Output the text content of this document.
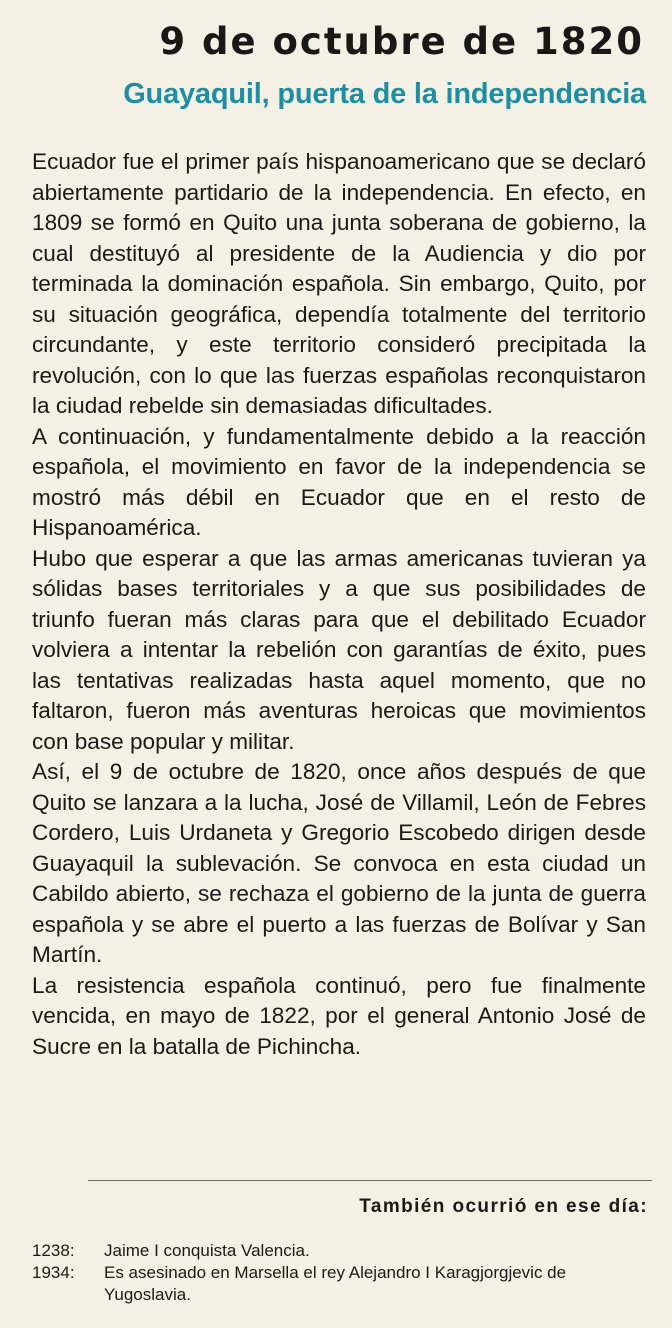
9 de octubre de 1820
Guayaquil, puerta de la independencia

Ecuador fue el primer país hispanoamericano que se declaró abiertamente partidario de la independencia. En efecto, en 1809 se formó en Quito una junta soberana de gobierno, la cual destituyó al presidente de la Audiencia y dio por terminada la dominación española. Sin embargo, Quito, por su situación geográfica, dependía totalmente del territorio circundante, y este territorio consideró precipitada la revolución, con lo que las fuerzas españolas reconquistaron la ciudad rebelde sin demasiadas dificultades.

A continuación, y fundamentalmente debido a la reacción española, el movimiento en favor de la independencia se mostró más débil en Ecuador que en el resto de Hispanoamérica.

Hubo que esperar a que las armas americanas tuvieran ya sólidas bases territoriales y a que sus posibilidades de triunfo fueran más claras para que el debilitado Ecuador volviera a intentar la rebelión con garantías de éxito, pues las tentativas realizadas hasta aquel momento, que no faltaron, fueron más aventuras heroicas que movimientos con base popular y militar.

Así, el 9 de octubre de 1820, once años después de que Quito se lanzara a la lucha, José de Villamil, León de Febres Cordero, Luis Urdaneta y Gregorio Escobedo dirigen desde Guayaquil la sublevación. Se convoca en esta ciudad un Cabildo abierto, se rechaza el gobierno de la junta de guerra española y se abre el puerto a las fuerzas de Bolívar y San Martín.

La resistencia española continuó, pero fue finalmente vencida, en mayo de 1822, por el general Antonio José de Sucre en la batalla de Pichincha.

También ocurrió en ese día:
1238:	Jaime I conquista Valencia.
1934:	Es asesinado en Marsella el rey Alejandro I Karagjorgjevic de Yugoslavia.
